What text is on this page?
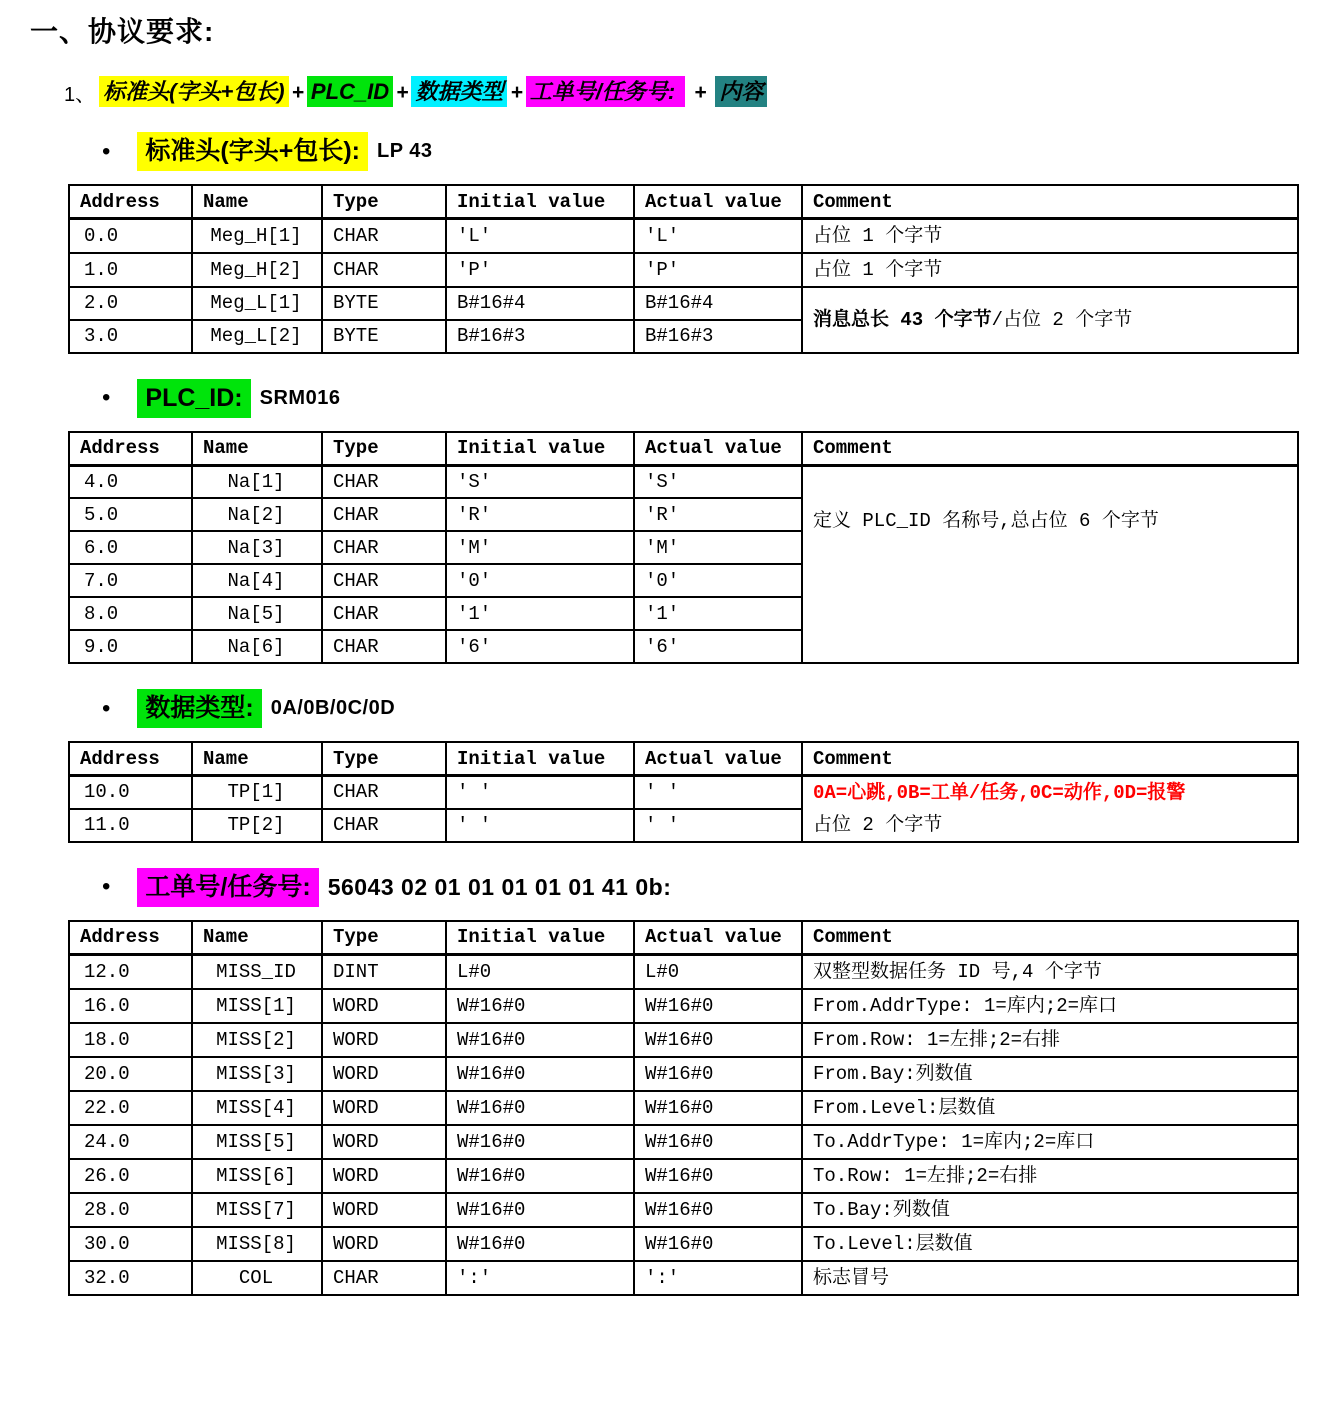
一、协议要求:
1、 标准头(字头+包长) + PLC_ID + 数据类型 + 工单号/任务号:  + 内容
•	标准头(字头+包长): LP 43
Address	Name	Type	Initial value	Actual value	Comment
0.0	Meg_H[1]	CHAR	'L'	'L'	占位 1 个字节

1.0	Meg_H[2]	CHAR	'P'	'P'	占位 1 个字节

2.0	Meg_L[1]	BYTE	B#16#4	B#16#4	消息总长 43 个字节/占位 2 个字节

3.0	Meg_L[2]	BYTE	B#16#3	B#16#3	
•	PLC_ID: SRM016
Address	Name	Type	Initial value	Actual value	Comment
4.0	Na[1]	CHAR	'S'	'S'	定义 PLC_ID 名称号,总占位 6 个字节

5.0	Na[2]	CHAR	'R'	'R'	
6.0	Na[3]	CHAR	'M'	'M'	
7.0	Na[4]	CHAR	'0'	'0'	
8.0	Na[5]	CHAR	'1'	'1'	
9.0	Na[6]	CHAR	'6'	'6'	
•	数据类型: 0A/0B/0C/0D
Address	Name	Type	Initial value	Actual value	Comment
10.0	TP[1]	CHAR	' '	' '	0A=心跳,0B=工单/任务,0C=动作,0D=报警
占位 2 个字节

11.0	TP[2]	CHAR	' '	' '	
•	工单号/任务号: 56043 02 01 01 01 01 01 41 0b:
Address	Name	Type	Initial value	Actual value	Comment
12.0	MISS_ID	DINT	L#0	L#0	双整型数据任务 ID 号,4 个字节

16.0	MISS[1]	WORD	W#16#0	W#16#0	From.AddrType: 1=库内;2=库口

18.0	MISS[2]	WORD	W#16#0	W#16#0	From.Row: 1=左排;2=右排

20.0	MISS[3]	WORD	W#16#0	W#16#0	From.Bay:列数值

22.0	MISS[4]	WORD	W#16#0	W#16#0	From.Level:层数值

24.0	MISS[5]	WORD	W#16#0	W#16#0	To.AddrType: 1=库内;2=库口

26.0	MISS[6]	WORD	W#16#0	W#16#0	To.Row: 1=左排;2=右排

28.0	MISS[7]	WORD	W#16#0	W#16#0	To.Bay:列数值

30.0	MISS[8]	WORD	W#16#0	W#16#0	To.Level:层数值

32.0	COL	CHAR	':'	':'	标志冒号
